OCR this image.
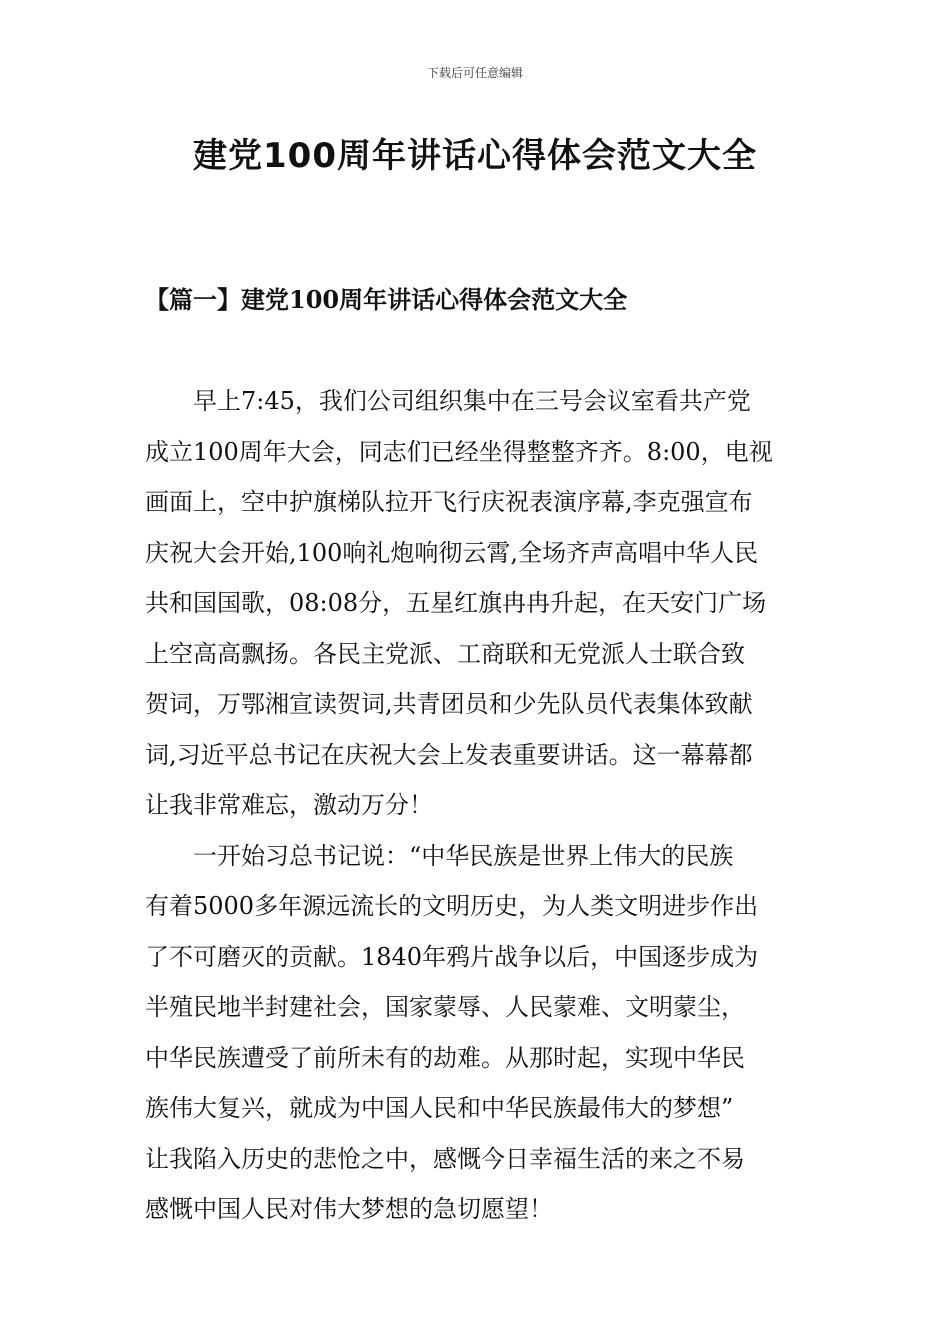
下载后可任意编辑
建党100周年讲话心得体会范文大全
【篇一】建党100周年讲话心得体会范文大全

早上7:45，我们公司组织集中在三号会议室看共产党
成立100周年大会，同志们已经坐得整整齐齐。8:00，电视
画面上，空中护旗梯队拉开飞行庆祝表演序幕,李克强宣布
庆祝大会开始,100响礼炮响彻云霄,全场齐声高唱中华人民
共和国国歌，08:08分，五星红旗冉冉升起，在天安门广场
上空高高飘扬。各民主党派、工商联和无党派人士联合致
贺词，万鄂湘宣读贺词,共青团员和少先队员代表集体致献
词,习近平总书记在庆祝大会上发表重要讲话。这一幕幕都
让我非常难忘，激动万分！

一开始习总书记说：“中华民族是世界上伟大的民族
有着5000多年源远流长的文明历史，为人类文明进步作出
了不可磨灭的贡献。1840年鸦片战争以后，中国逐步成为
半殖民地半封建社会，国家蒙辱、人民蒙难、文明蒙尘，
中华民族遭受了前所未有的劫难。从那时起，实现中华民
族伟大复兴，就成为中国人民和中华民族最伟大的梦想”
让我陷入历史的悲怆之中，感慨今日幸福生活的来之不易
感慨中国人民对伟大梦想的急切愿望！
